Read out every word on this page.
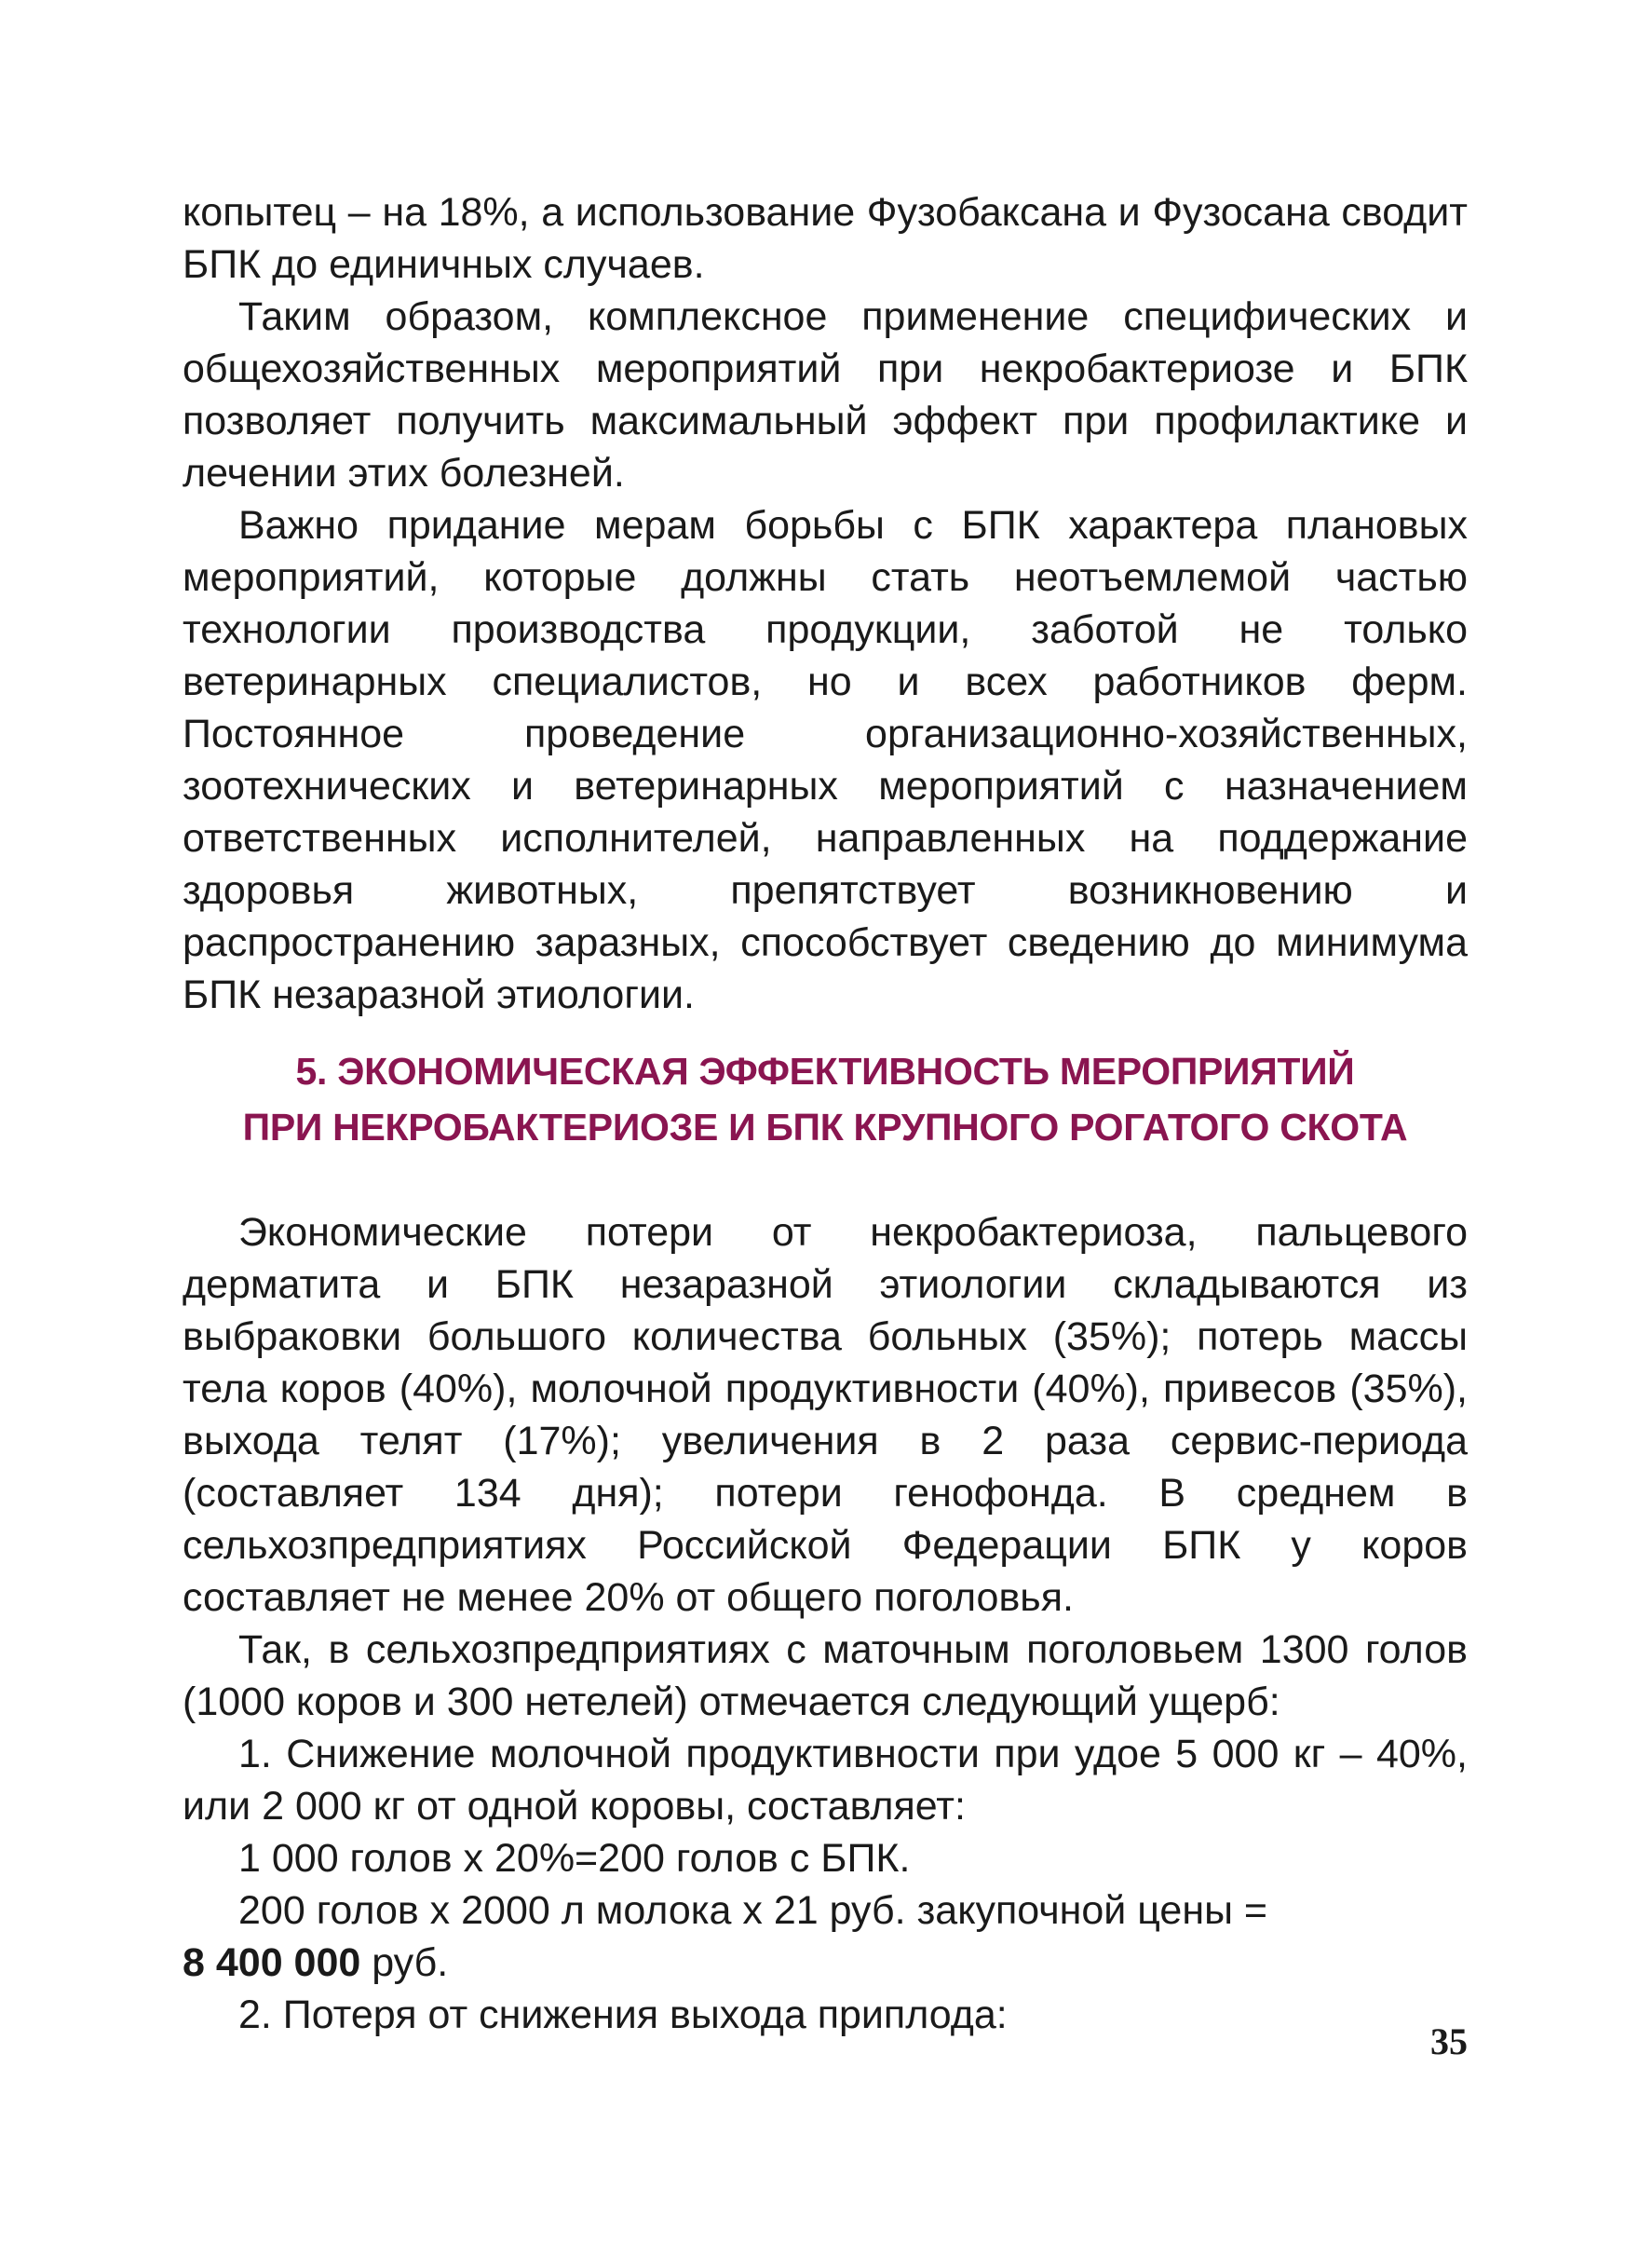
копытец – на 18%, а использование Фузобаксана и Фузосана сводит БПК до единичных случаев.

Таким образом, комплексное применение специфических и общехозяйственных мероприятий при некробактериозе и БПК позволяет получить максимальный эффект при профилактике и лечении этих болезней.

Важно придание мерам борьбы с БПК характера плановых мероприятий, которые должны стать неотъемлемой частью технологии производства продукции, заботой не только ветеринарных специалистов, но и всех работников ферм. Постоянное проведение организационно-хозяйственных, зоотехнических и ветеринарных мероприятий с назначением ответственных исполнителей, направленных на поддержание здоровья животных, препятствует возникновению и распространению заразных, способствует сведению до минимума БПК незаразной этиологии.

5. ЭКОНОМИЧЕСКАЯ ЭФФЕКТИВНОСТЬ МЕРОПРИЯТИЙ
ПРИ НЕКРОБАКТЕРИОЗЕ И БПК КРУПНОГО РОГАТОГО СКОТА

Экономические потери от некробактериоза, пальцевого дерматита и БПК незаразной этиологии складываются из выбраковки большого количества больных (35%); потерь массы тела коров (40%), молочной продуктивности (40%), привесов (35%), выхода телят (17%); увеличения в 2 раза сервис-периода (составляет 134 дня); потери генофонда. В среднем в сельхозпредприятиях Российской Федерации БПК у коров составляет не менее 20% от общего поголовья.

Так, в сельхозпредприятиях с маточным поголовьем 1300 голов (1000 коров и 300 нетелей) отмечается следующий ущерб:

1. Снижение молочной продуктивности при удое 5 000 кг – 40%, или 2 000 кг от одной коровы, составляет:

1 000 голов х 20%=200 голов с БПК.

200 голов х 2000 л молока х 21 руб. закупочной цены =
8 400 000 руб.

2. Потеря от снижения выхода приплода:

35
